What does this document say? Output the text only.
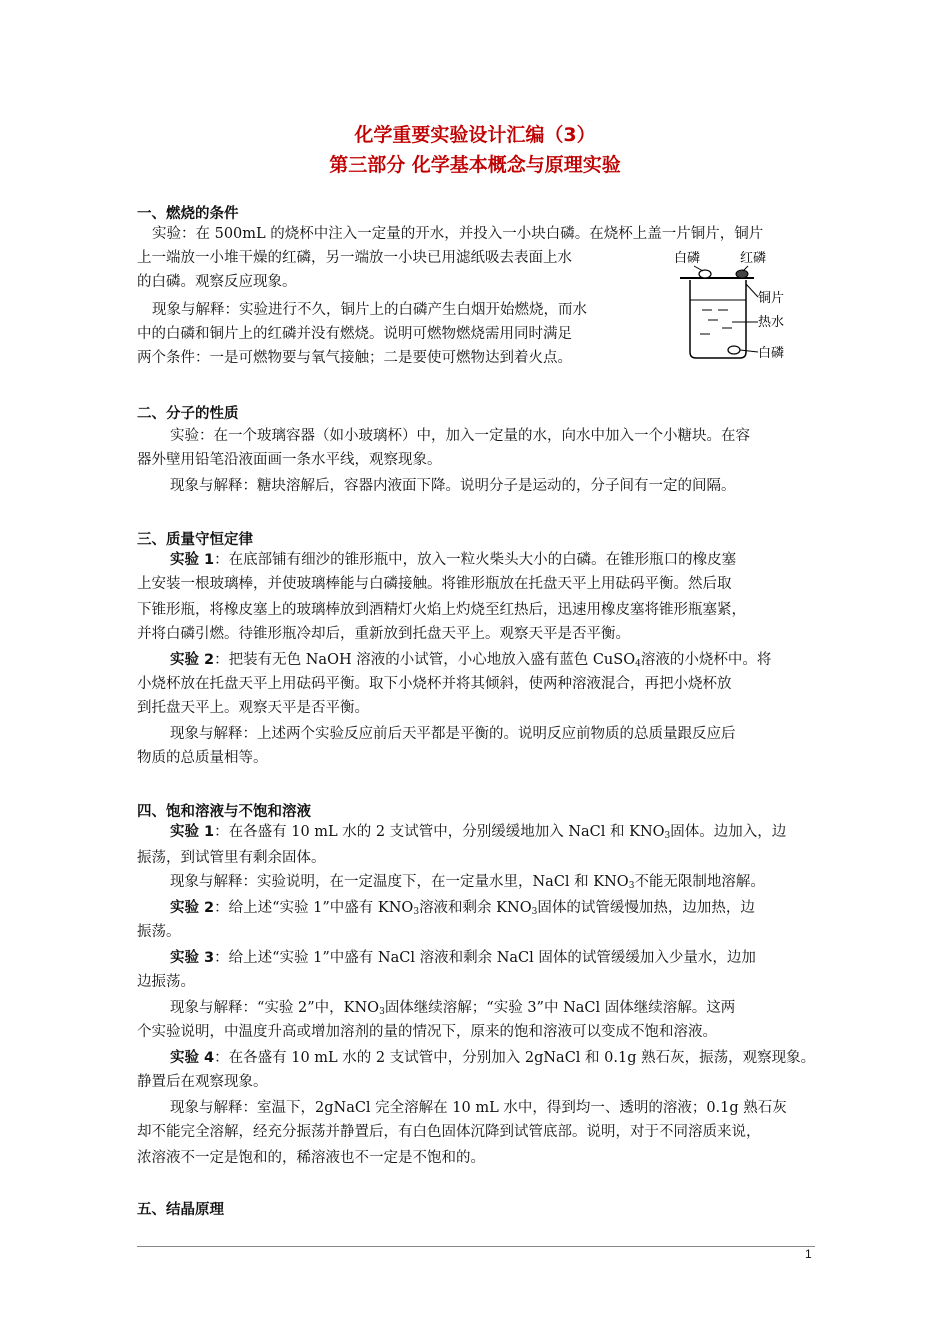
化学重要实验设计汇编（3）
第三部分 化学基本概念与原理实验
一、燃烧的条件
实验：在 500mL 的烧杯中注入一定量的开水，并投入一小块白磷。在烧杯上盖一片铜片，铜片
上一端放一小堆干燥的红磷，另一端放一小块已用滤纸吸去表面上水
的白磷。观察反应现象。
现象与解释：实验进行不久，铜片上的白磷产生白烟开始燃烧，而水
中的白磷和铜片上的红磷并没有燃烧。说明可燃物燃烧需用同时满足
两个条件：一是可燃物要与氧气接触；二是要使可燃物达到着火点。
白磷	红磷
铜片
热水
白磷
二、分子的性质
实验：在一个玻璃容器（如小玻璃杯）中，加入一定量的水，向水中加入一个小糖块。在容
器外壁用铅笔沿液面画一条水平线，观察现象。
现象与解释：糖块溶解后，容器内液面下降。说明分子是运动的，分子间有一定的间隔。
三、质量守恒定律
实验 1：在底部铺有细沙的锥形瓶中，放入一粒火柴头大小的白磷。在锥形瓶口的橡皮塞
上安装一根玻璃棒，并使玻璃棒能与白磷接触。将锥形瓶放在托盘天平上用砝码平衡。然后取
下锥形瓶，将橡皮塞上的玻璃棒放到酒精灯火焰上灼烧至红热后，迅速用橡皮塞将锥形瓶塞紧，
并将白磷引燃。待锥形瓶冷却后，重新放到托盘天平上。观察天平是否平衡。
实验 2：把装有无色 NaOH 溶液的小试管，小心地放入盛有蓝色 CuSO$_4$溶液的小烧杯中。将
小烧杯放在托盘天平上用砝码平衡。取下小烧杯并将其倾斜，使两种溶液混合，再把小烧杯放
到托盘天平上。观察天平是否平衡。
现象与解释：上述两个实验反应前后天平都是平衡的。说明反应前物质的总质量跟反应后
物质的总质量相等。
四、饱和溶液与不饱和溶液
实验 1：在各盛有 10 mL 水的 2 支试管中，分别缓缓地加入 NaCl 和 $KNO_3$固体。边加入，边
振荡，到试管里有剩余固体。
现象与解释：实验说明，在一定温度下，在一定量水里，NaCl 和 $KNO_3$不能无限制地溶解。
实验 2：给上述“实验 1”中盛有 $KNO_3$溶液和剩余 $KNO_3$固体的试管缓慢加热，边加热，边
振荡。
实验 3：给上述“实验 1”中盛有 NaCl 溶液和剩余 NaCl 固体的试管缓缓加入少量水，边加
边振荡。
现象与解释：“实验 2”中，$KNO_3$固体继续溶解；“实验 3”中 NaCl 固体继续溶解。这两
个实验说明，中温度升高或增加溶剂的量的情况下，原来的饱和溶液可以变成不饱和溶液。
实验 4：在各盛有 10 mL 水的 2 支试管中，分别加入 2gNaCl 和 0.1g 熟石灰，振荡，观察现象。
静置后在观察现象。
现象与解释：室温下，2gNaCl 完全溶解在 10 mL 水中，得到均一、透明的溶液；0.1g 熟石灰
却不能完全溶解，经充分振荡并静置后，有白色固体沉降到试管底部。说明，对于不同溶质来说，
浓溶液不一定是饱和的，稀溶液也不一定是不饱和的。
五、结晶原理
1
